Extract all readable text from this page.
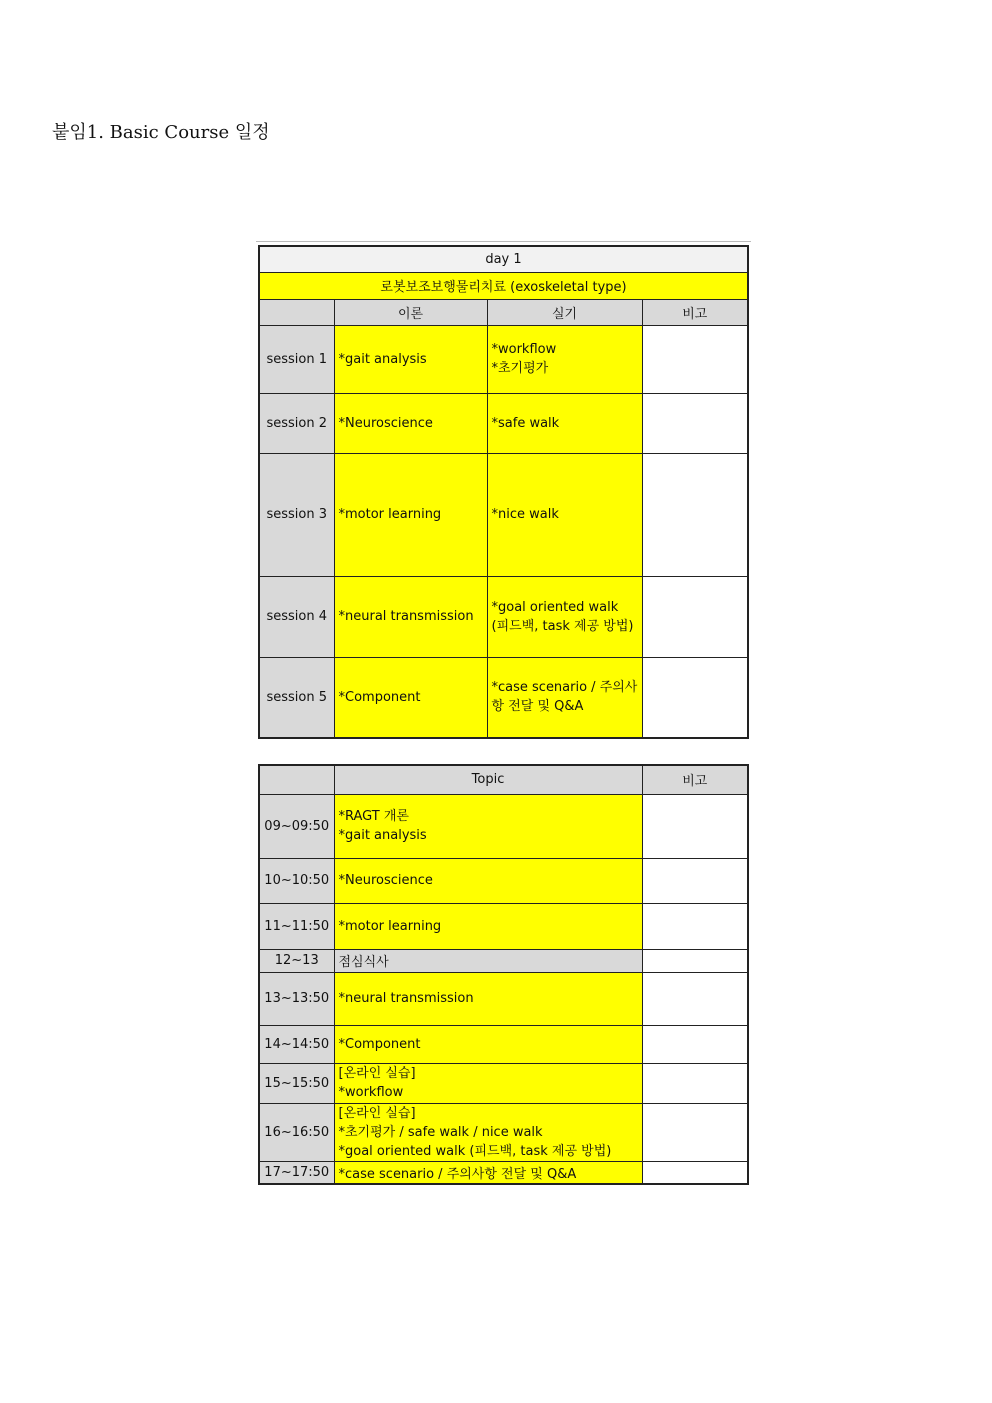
붙임1. Basic Course 일정
day 1			
로봇보조보행물리치료 (exoskeletal type)			
	이론	실기	비고
session 1	*gait analysis	*workflow
*초기평가	

session 2	*Neuroscience	*safe walk	
session 3	*motor learning	*nice walk	
session 4	*neural transmission	*goal oriented walk
(피드백, task 제공 방법)	

session 5	*Component	*case scenario / 주의사
항 전달 및 Q&A	

	Topic	비고
09~09:50	*RAGT 개론
*gait analysis	

10~10:50	*Neuroscience	
11~11:50	*motor learning	
12~13	점심식사	
13~13:50	*neural transmission	
14~14:50	*Component	
15~15:50	[온라인 실습]
*workflow	

16~16:50	[온라인 실습]
*초기평가 / safe walk / nice walk
*goal oriented walk (피드백, task 제공 방법)	

17~17:50	*case scenario / 주의사항 전달 및 Q&A	
